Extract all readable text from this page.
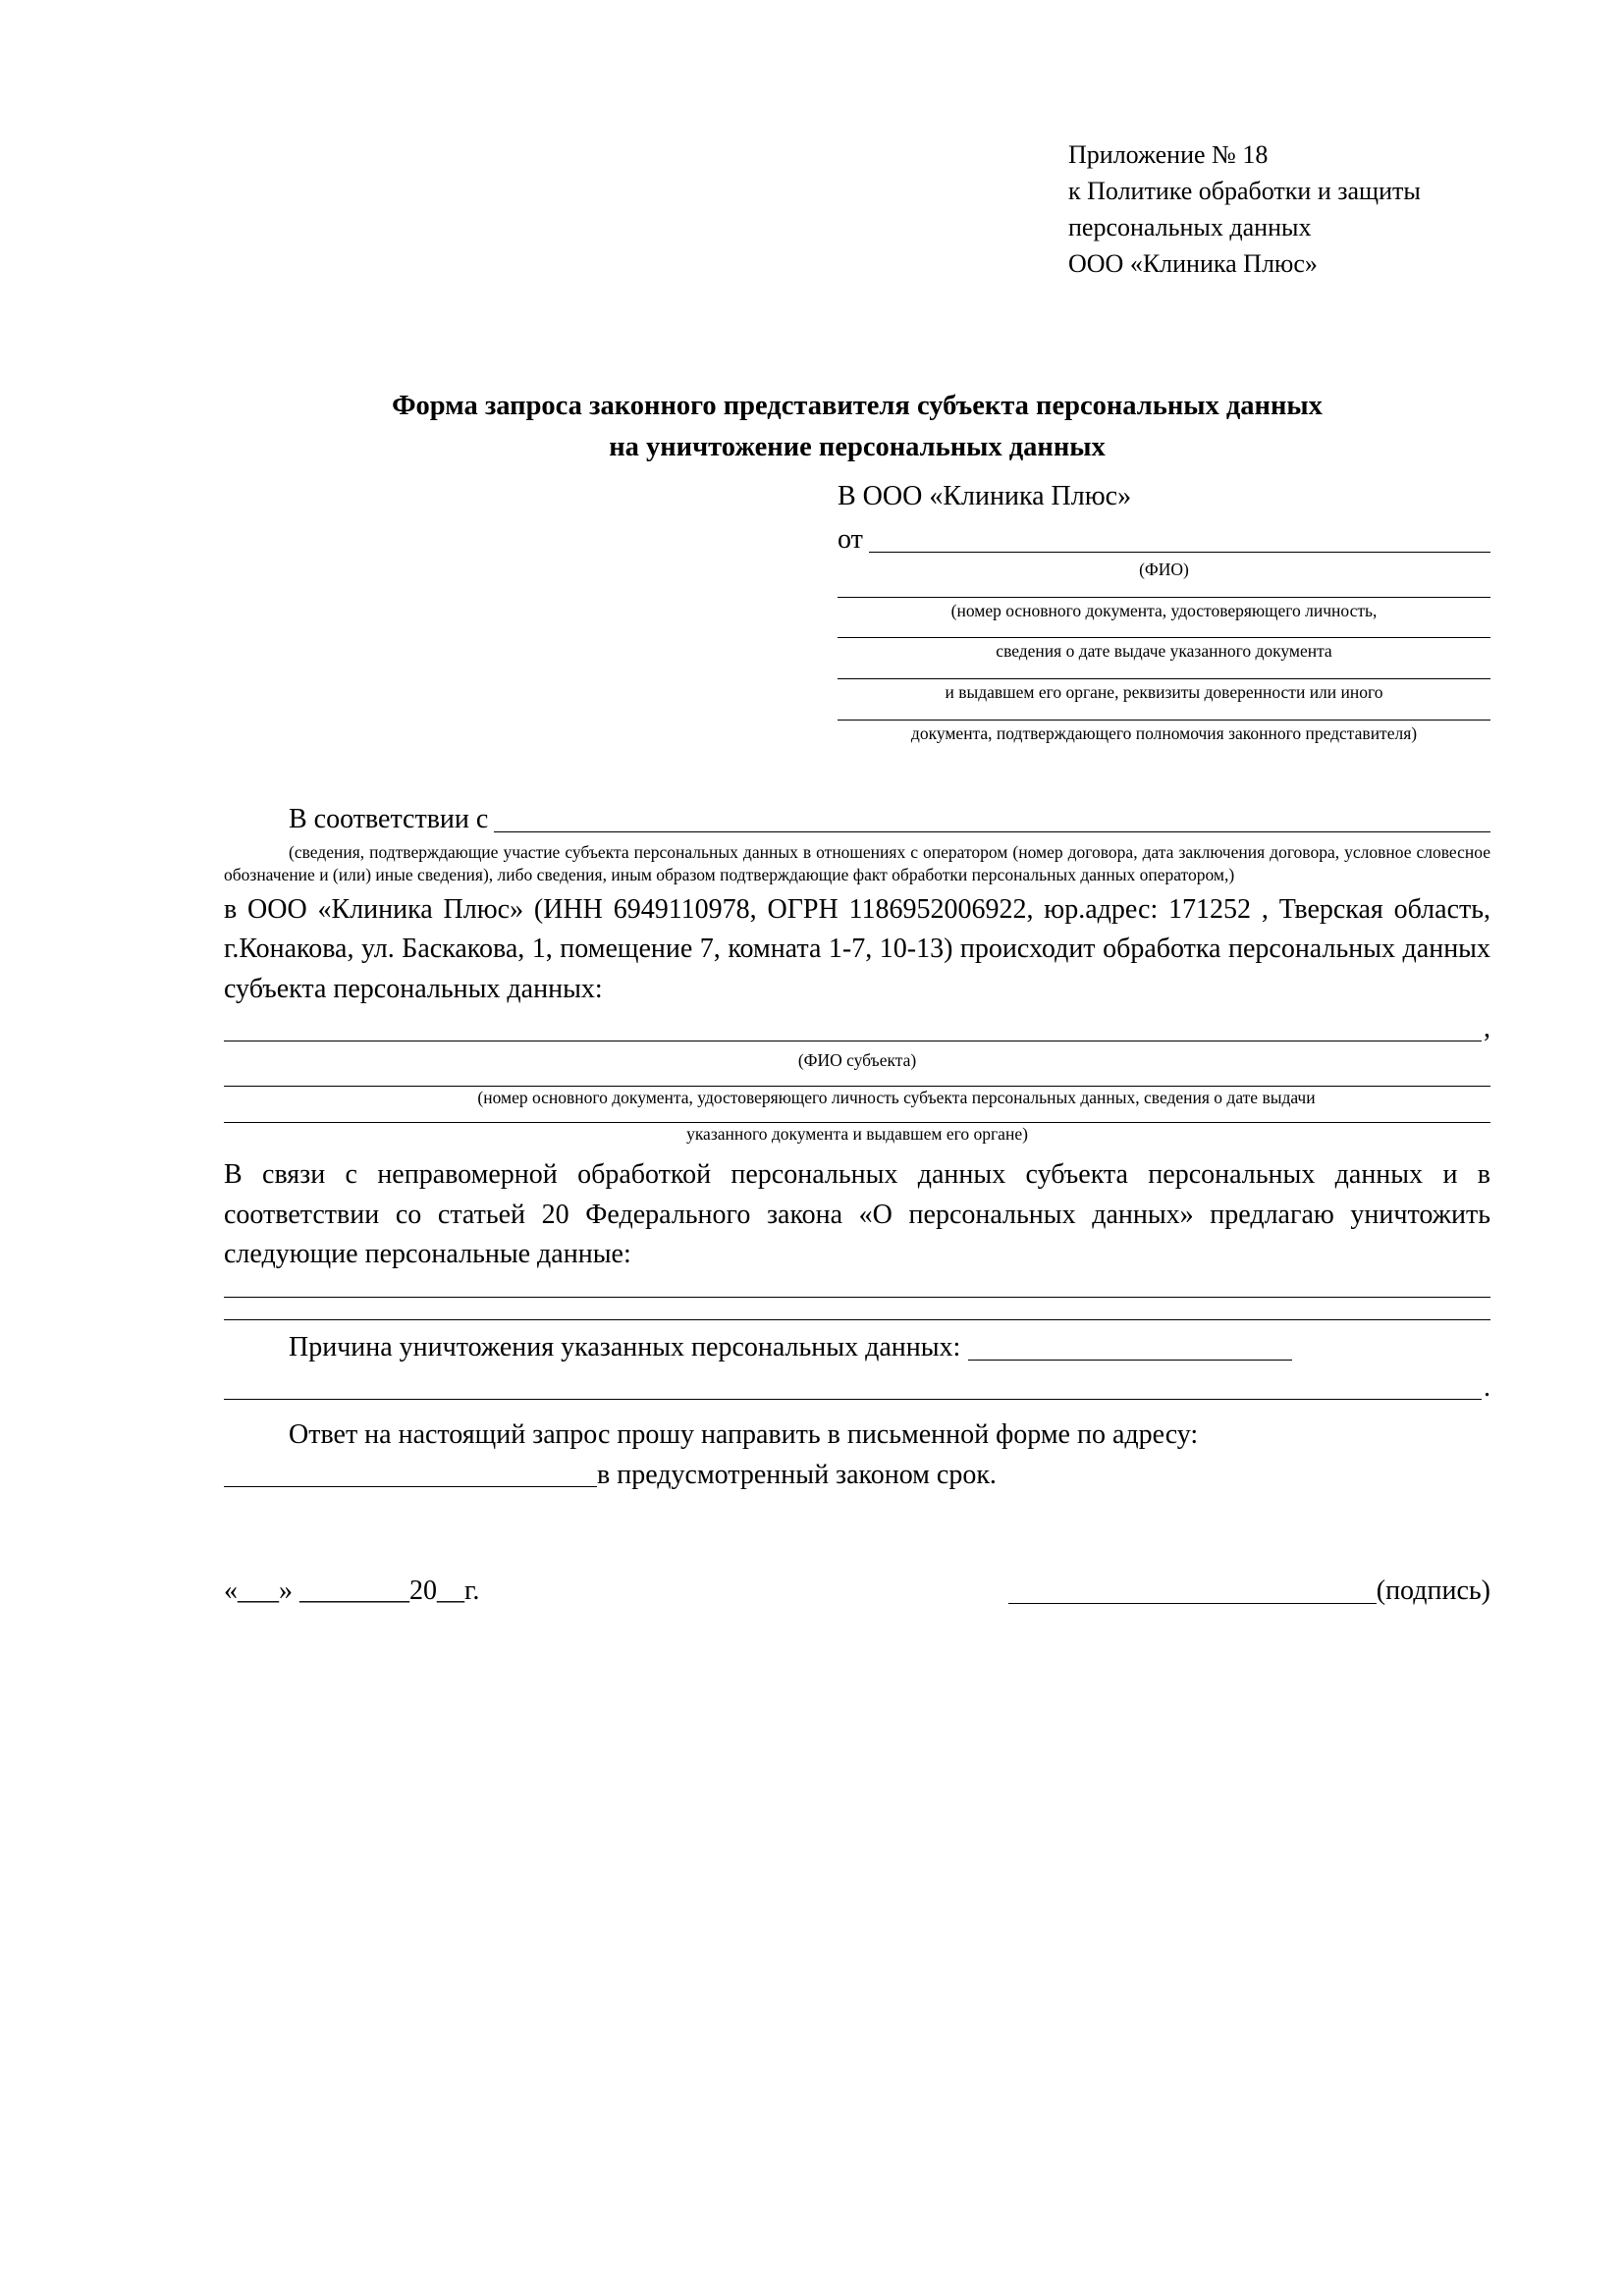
Приложение № 18
к Политике обработки и защиты
персональных данных
ООО «Клиника Плюс»
Форма запроса законного представителя субъекта персональных данных
на уничтожение персональных данных
В ООО «Клиника Плюс»
от
(ФИО)
(номер основного документа, удостоверяющего личность,
сведения о дате выдаче указанного документа
и выдавшем его органе, реквизиты доверенности или иного
документа, подтверждающего полномочия законного представителя)
В соответствии с
(сведения, подтверждающие участие субъекта персональных данных в отношениях с оператором (номер договора, дата заключения договора, условное словесное обозначение и (или) иные сведения), либо сведения, иным образом подтверждающие факт обработки персональных данных оператором,)
в ООО «Клиника Плюс» (ИНН 6949110978, ОГРН 1186952006922, юр.адрес: 171252 , Тверская область, г.Конакова, ул. Баскакова, 1, помещение 7, комната 1-7, 10-13) происходит обработка персональных данных субъекта персональных данных:
,
(ФИО субъекта)
(номер основного документа, удостоверяющего личность субъекта персональных данных, сведения о дате выдачи
указанного документа и выдавшем его органе)
В связи с неправомерной обработкой персональных данных субъекта персональных данных и в соответствии со статьей 20 Федерального закона «О персональных данных» предлагаю уничтожить следующие персональные данные:
Причина уничтожения указанных персональных данных:
.
Ответ на настоящий запрос прошу направить в письменной форме по адресу:
в предусмотренный законом срок.
«___» ________20__г.	(подпись)
